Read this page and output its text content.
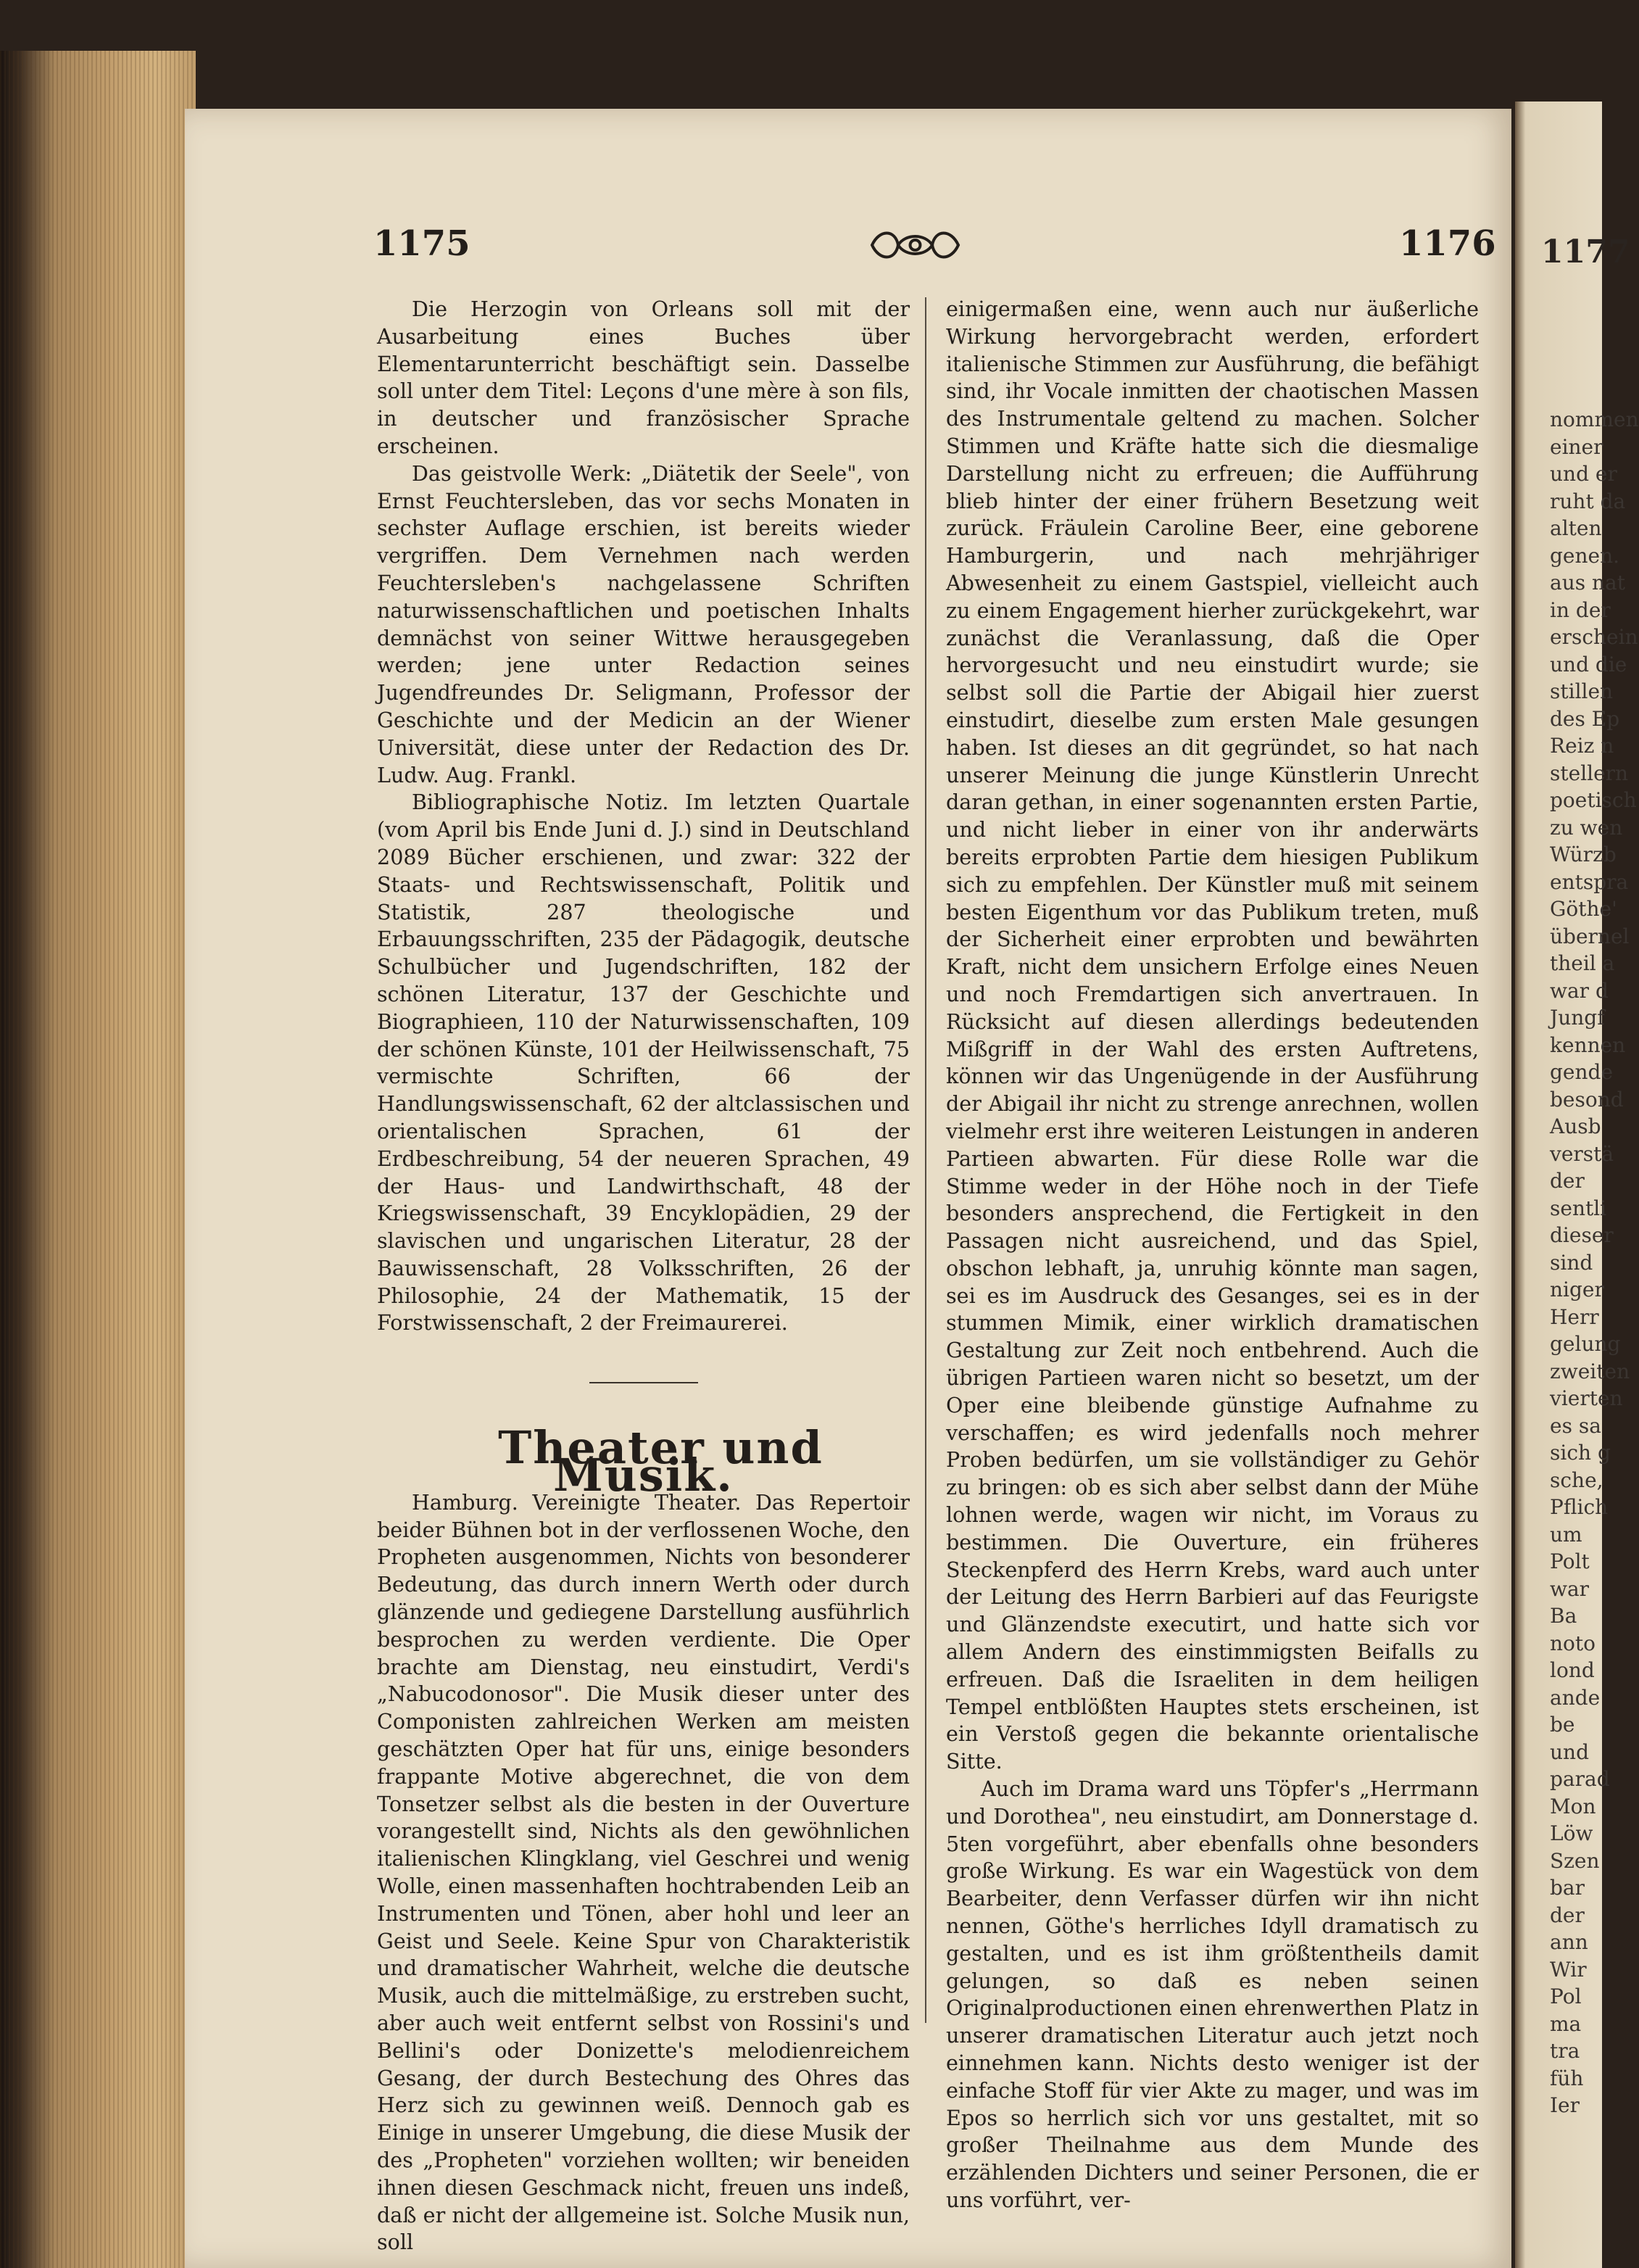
1177
nommen
einer
und er
ruht da
alten
genen.
aus nat
in der
erschein
und die
stillen
des Ep
Reiz n
stellern
poetisch
zu wen
Würzb
entspra
Göthe'
übernel
theil a
war d
Jungf
kennen
gende
besond
Ausb
verstä
der
sentli
dieser
sind
niger
Herr
gelung
zweiten
vierten
es sa
sich g
sche,
Pflich
um
Polt
war
Ba
noto
lond
ande
be
und
parad
Mon
Löw
Szen
bar
der
ann
Wir
Pol
ma
tra
füh
Ier
1175	1176

Die Herzogin von Orleans soll mit der Ausarbeitung eines Buches über Elementarunterricht beschäftigt sein. Dasselbe soll unter dem Titel: Leçons d'une mère à son fils, in deutscher und französischer Sprache erscheinen.

Das geistvolle Werk: „Diätetik der Seele", von Ernst Feuchtersleben, das vor sechs Monaten in sechster Auflage erschien, ist bereits wieder vergriffen. Dem Vernehmen nach werden Feuchtersleben's nachgelassene Schriften naturwissenschaftlichen und poetischen Inhalts demnächst von seiner Wittwe herausgegeben werden; jene unter Redaction seines Jugendfreundes Dr. Seligmann, Professor der Geschichte und der Medicin an der Wiener Universität, diese unter der Redaction des Dr. Ludw. Aug. Frankl.

Bibliographische Notiz. Im letzten Quartale (vom April bis Ende Juni d. J.) sind in Deutschland 2089 Bücher erschienen, und zwar: 322 der Staats- und Rechtswissenschaft, Politik und Statistik, 287 theologische und Erbauungsschriften, 235 der Pädagogik, deutsche Schulbücher und Jugendschriften, 182 der schönen Literatur, 137 der Geschichte und Biographieen, 110 der Naturwissenschaften, 109 der schönen Künste, 101 der Heilwissenschaft, 75 vermischte Schriften, 66 der Handlungswissenschaft, 62 der altclassischen und orientalischen Sprachen, 61 der Erdbeschreibung, 54 der neueren Sprachen, 49 der Haus- und Landwirthschaft, 48 der Kriegswissenschaft, 39 Encyklopädien, 29 der slavischen und ungarischen Literatur, 28 der Bauwissenschaft, 28 Volksschriften, 26 der Philosophie, 24 der Mathematik, 15 der Forstwissenschaft, 2 der Freimaurerei.

Theater und Musik.

Hamburg. Vereinigte Theater. Das Repertoir beider Bühnen bot in der verflossenen Woche, den Propheten ausgenommen, Nichts von besonderer Bedeutung, das durch innern Werth oder durch glänzende und gediegene Darstellung ausführlich besprochen zu werden verdiente. Die Oper brachte am Dienstag, neu einstudirt, Verdi's „Nabucodonosor". Die Musik dieser unter des Componisten zahlreichen Werken am meisten geschätzten Oper hat für uns, einige besonders frappante Motive abgerechnet, die von dem Tonsetzer selbst als die besten in der Ouverture vorangestellt sind, Nichts als den gewöhnlichen italienischen Klingklang, viel Geschrei und wenig Wolle, einen massenhaften hochtrabenden Leib an Instrumenten und Tönen, aber hohl und leer an Geist und Seele. Keine Spur von Charakteristik und dramatischer Wahrheit, welche die deutsche Musik, auch die mittelmäßige, zu erstreben sucht, aber auch weit entfernt selbst von Rossini's und Bellini's oder Donizette's melodienreichem Gesang, der durch Bestechung des Ohres das Herz sich zu gewinnen weiß. Dennoch gab es Einige in unserer Umgebung, die diese Musik der des „Propheten" vorziehen wollten; wir beneiden ihnen diesen Geschmack nicht, freuen uns indeß, daß er nicht der allgemeine ist. Solche Musik nun, soll

einigermaßen eine, wenn auch nur äußerliche Wirkung hervorgebracht werden, erfordert italienische Stimmen zur Ausführung, die befähigt sind, ihr Vocale inmitten der chaotischen Massen des Instrumentale geltend zu machen. Solcher Stimmen und Kräfte hatte sich die diesmalige Darstellung nicht zu erfreuen; die Aufführung blieb hinter der einer frühern Besetzung weit zurück. Fräulein Caroline Beer, eine geborene Hamburgerin, und nach mehrjähriger Abwesenheit zu einem Gastspiel, vielleicht auch zu einem Engagement hierher zurückgekehrt, war zunächst die Veranlassung, daß die Oper hervorgesucht und neu einstudirt wurde; sie selbst soll die Partie der Abigail hier zuerst einstudirt, dieselbe zum ersten Male gesungen haben. Ist dieses an dit gegründet, so hat nach unserer Meinung die junge Künstlerin Unrecht daran gethan, in einer sogenannten ersten Partie, und nicht lieber in einer von ihr anderwärts bereits erprobten Partie dem hiesigen Publikum sich zu empfehlen. Der Künstler muß mit seinem besten Eigenthum vor das Publikum treten, muß der Sicherheit einer erprobten und bewährten Kraft, nicht dem unsichern Erfolge eines Neuen und noch Fremdartigen sich anvertrauen. In Rücksicht auf diesen allerdings bedeutenden Mißgriff in der Wahl des ersten Auftretens, können wir das Ungenügende in der Ausführung der Abigail ihr nicht zu strenge anrechnen, wollen vielmehr erst ihre weiteren Leistungen in anderen Partieen abwarten. Für diese Rolle war die Stimme weder in der Höhe noch in der Tiefe besonders ansprechend, die Fertigkeit in den Passagen nicht ausreichend, und das Spiel, obschon lebhaft, ja, unruhig könnte man sagen, sei es im Ausdruck des Gesanges, sei es in der stummen Mimik, einer wirklich dramatischen Gestaltung zur Zeit noch entbehrend. Auch die übrigen Partieen waren nicht so besetzt, um der Oper eine bleibende günstige Aufnahme zu verschaffen; es wird jedenfalls noch mehrer Proben bedürfen, um sie vollständiger zu Gehör zu bringen: ob es sich aber selbst dann der Mühe lohnen werde, wagen wir nicht, im Voraus zu bestimmen. Die Ouverture, ein früheres Steckenpferd des Herrn Krebs, ward auch unter der Leitung des Herrn Barbieri auf das Feurigste und Glänzendste executirt, und hatte sich vor allem Andern des einstimmigsten Beifalls zu erfreuen. Daß die Israeliten in dem heiligen Tempel entblößten Hauptes stets erscheinen, ist ein Verstoß gegen die bekannte orientalische Sitte.

Auch im Drama ward uns Töpfer's „Herrmann und Dorothea", neu einstudirt, am Donnerstage d. 5ten vorgeführt, aber ebenfalls ohne besonders große Wirkung. Es war ein Wagestück von dem Bearbeiter, denn Verfasser dürfen wir ihn nicht nennen, Göthe's herrliches Idyll dramatisch zu gestalten, und es ist ihm größtentheils damit gelungen, so daß es neben seinen Originalproductionen einen ehrenwerthen Platz in unserer dramatischen Literatur auch jetzt noch einnehmen kann. Nichts desto weniger ist der einfache Stoff für vier Akte zu mager, und was im Epos so herrlich sich vor uns gestaltet, mit so großer Theilnahme aus dem Munde des erzählenden Dichters und seiner Personen, die er uns vorführt, ver-
